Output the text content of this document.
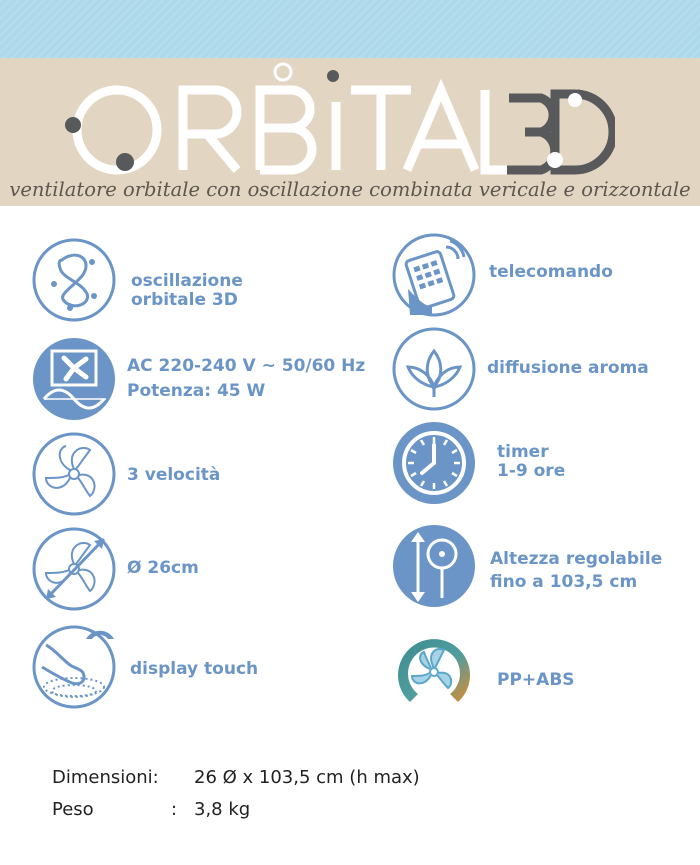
ventilatore orbitale con oscillazione combinata vericale e orizzontale
oscillazione
orbitale 3D
AC 220-240 V ~ 50/60 Hz
Potenza: 45 W
3 velocità
Ø 26cm
display touch
telecomando
diffusione aroma
timer
1-9 ore
Altezza regolabile
fino a 103,5 cm
PP+ABS
Dimensioni: 26 Ø x 103,5 cm (h max)
Peso	: 3,8 kg
